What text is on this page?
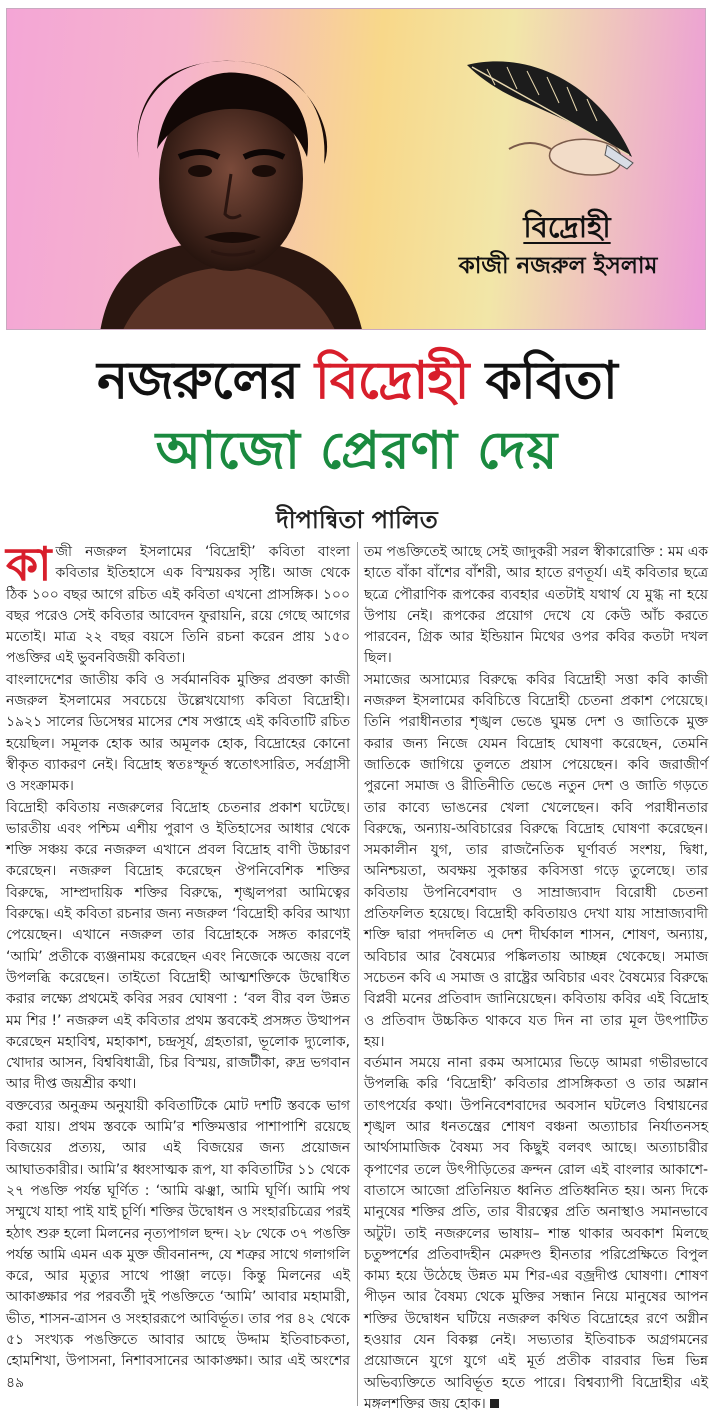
বিদ্রোহী
কাজী নজরুল ইসলাম
নজরুলের বিদ্রোহী কবিতা
আজো প্রেরণা দেয়
দীপান্বিতা পালিত

কাজী নজরুল ইসলামের ‘বিদ্রোহী’ কবিতা বাংলা কবিতার ইতিহাসে এক বিস্ময়কর সৃষ্টি। আজ থেকে ঠিক ১০০ বছর আগে রচিত এই কবিতা এখনো প্রাসঙ্গিক। ১০০ বছর পরেও সেই কবিতার আবেদন ফুরায়নি, রয়ে গেছে আগের মতোই। মাত্র ২২ বছর বয়সে তিনি রচনা করেন প্রায় ১৫০ পঙক্তির এই ভুবনবিজয়ী কবিতা।

বাংলাদেশের জাতীয় কবি ও সর্বমানবিক মুক্তির প্রবক্তা কাজী নজরুল ইসলামের সবচেয়ে উল্লেখযোগ্য কবিতা বিদ্রোহী। ১৯২১ সালের ডিসেম্বর মাসের শেষ সপ্তাহে এই কবিতাটি রচিত হয়েছিল। সমূলক হোক আর অমূলক হোক, বিদ্রোহের কোনো স্বীকৃত ব্যাকরণ নেই। বিদ্রোহ স্বতঃস্ফূর্ত স্বতোৎসারিত, সর্বগ্রাসী ও সংক্রামক।

বিদ্রোহী কবিতায় নজরুলের বিদ্রোহ চেতনার প্রকাশ ঘটেছে। ভারতীয় এবং পশ্চিম এশীয় পুরাণ ও ইতিহাসের আধার থেকে শক্তি সঞ্চয় করে নজরুল এখানে প্রবল বিদ্রোহ বাণী উচ্চারণ করেছেন। নজরুল বিদ্রোহ করেছেন ঔপনিবেশিক শক্তির বিরুদ্ধে, সাম্প্রদায়িক শক্তির বিরুদ্ধে, শৃঙ্খলপরা আমিত্বের বিরুদ্ধে। এই কবিতা রচনার জন্য নজরুল ‘বিদ্রোহী কবির আখ্যা পেয়েছেন। এখানে নজরুল তার বিদ্রোহকে সঙ্গত কারণেই ‘আমি’ প্রতীকে ব্যঞ্জনাময় করেছেন এবং নিজেকে অজেয় বলে উপলব্ধি করেছেন। তাইতো বিদ্রোহী আত্মশক্তিকে উদ্বোধিত করার লক্ষ্যে প্রথমেই কবির সরব ঘোষণা : ‘বল বীর বল উন্নত মম শির !’ নজরুল এই কবিতার প্রথম স্তবকেই প্রসঙ্গত উত্থাপন করেছেন মহাবিশ্ব, মহাকাশ, চন্দ্রসূর্য, গ্রহতারা, ভূলোক দ্যুলোক, খোদার আসন, বিশ্ববিধাত্রী, চির বিস্ময়, রাজটীকা, রুদ্র ভগবান আর দীপ্ত জয়শ্রীর কথা।

বক্তব্যের অনুক্রম অনুযায়ী কবিতাটিকে মোট দশটি স্তবকে ভাগ করা যায়। প্রথম স্তবকে আমি’র শক্তিমত্তার পাশাপাশি রয়েছে বিজয়ের প্রত্যয়, আর এই বিজয়ের জন্য প্রয়োজন আঘাতকারীর। আমি’র ধ্বংসাত্মক রূপ, যা কবিতাটির ১১ থেকে ২৭ পঙক্তি পর্যন্ত ঘূর্ণিত : ‘আমি ঝঞ্ঝা, আমি ঘূর্ণি। আমি পথ সম্মুখে যাহা পাই যাই চূর্ণি। শক্তির উদ্বোধন ও সংহারচিত্রের পরই হঠাৎ শুরু হলো মিলনের নৃত্যপাগল ছন্দ। ২৮ থেকে ৩৭ পঙক্তি পর্যন্ত আমি এমন এক মুক্ত জীবনানন্দ, যে শত্রুর সাথে গলাগলি করে, আর মৃত্যুর সাথে পাঞ্জা লড়ে। কিন্তু মিলনের এই আকাঙ্ক্ষার পর পরবর্তী দুই পঙক্তিতে ‘আমি’ আবার মহামারী, ভীত, শাসন-ত্রাসন ও সংহাররূপে আবির্ভূত। তার পর ৪২ থেকে ৫১ সংখ্যক পঙক্তিতে আবার আছে উদ্দাম ইতিবাচকতা, হোমশিখা, উপাসনা, নিশাবসানের আকাঙ্ক্ষা। আর এই অংশের ৪৯

তম পঙক্তিতেই আছে সেই জাদুকরী সরল স্বীকারোক্তি : মম এক হাতে বাঁকা বাঁশের বাঁশরী, আর হাতে রণতূর্য। এই কবিতার ছত্রে ছত্রে পৌরাণিক রূপকের ব্যবহার এতটাই যথার্থ যে মুগ্ধ না হয়ে উপায় নেই। রূপকের প্রয়োগ দেখে যে কেউ আঁচ করতে পারবেন, গ্রিক আর ইন্ডিয়ান মিথের ওপর কবির কতটা দখল ছিল।

সমাজের অসাম্যের বিরুদ্ধে কবির বিদ্রোহী সত্তা কবি কাজী নজরুল ইসলামের কবিচিত্তে বিদ্রোহী চেতনা প্রকাশ পেয়েছে। তিনি পরাধীনতার শৃঙ্খল ভেঙে ঘুমন্ত দেশ ও জাতিকে মুক্ত করার জন্য নিজে যেমন বিদ্রোহ ঘোষণা করেছেন, তেমনি জাতিকে জাগিয়ে তুলতে প্রয়াস পেয়েছেন। কবি জরাজীর্ণ পুরনো সমাজ ও রীতিনীতি ভেঙে নতুন দেশ ও জাতি গড়তে তার কাব্যে ভাঙনের খেলা খেলেছেন। কবি পরাধীনতার বিরুদ্ধে, অন্যায়-অবিচারের বিরুদ্ধে বিদ্রোহ ঘোষণা করেছেন। সমকালীন যুগ, তার রাজনৈতিক ঘূর্ণাবর্ত সংশয়, দ্বিধা, অনিশ্চয়তা, অবক্ষয় সুকান্তর কবিসত্তা গড়ে তুলেছে। তার কবিতায় উপনিবেশবাদ ও সাম্রাজ্যবাদ বিরোধী চেতনা প্রতিফলিত হয়েছে। বিদ্রোহী কবিতায়ও দেখা যায় সাম্রাজ্যবাদী শক্তি দ্বারা পদদলিত এ দেশ দীর্ঘকাল শাসন, শোষণ, অন্যায়, অবিচার আর বৈষম্যের পঙ্কিলতায় আচ্ছন্ন থেকেছে। সমাজ সচেতন কবি এ সমাজ ও রাষ্ট্রের অবিচার এবং বৈষম্যের বিরুদ্ধে বিপ্লবী মনের প্রতিবাদ জানিয়েছেন। কবিতায় কবির এই বিদ্রোহ ও প্রতিবাদ উচ্চকিত থাকবে যত দিন না তার মূল উৎপাটিত হয়।

বর্তমান সময়ে নানা রকম অসাম্যের ভিড়ে আমরা গভীরভাবে উপলব্ধি করি ‘বিদ্রোহী’ কবিতার প্রাসঙ্গিকতা ও তার অম্লান তাৎপর্যের কথা। উপনিবেশবাদের অবসান ঘটলেও বিশ্বায়নের শৃঙ্খল আর ধনতন্ত্রের শোষণ বঞ্চনা অত্যাচার নির্যাতনসহ আর্থসামাজিক বৈষম্য সব কিছুই বলবৎ আছে। অত্যাচারীর কৃপাণের তলে উৎপীড়িতের ক্রন্দন রোল এই বাংলার আকাশে-বাতাসে আজো প্রতিনিয়ত ধ্বনিত প্রতিধ্বনিত হয়। অন্য দিকে মানুষের শক্তির প্রতি, তার বীরত্বের প্রতি অনাস্থাও সমানভাবে অটুট। তাই নজরুলের ভাষায়– শান্ত থাকার অবকাশ মিলছে চতুষ্পর্শের প্রতিবাদহীন মেরুদণ্ড হীনতার পরিপ্রেক্ষিতে বিপুল কাম্য হয়ে উঠেছে উন্নত মম শির-এর বজ্রদীপ্ত ঘোষণা। শোষণ পীড়ন আর বৈষম্য থেকে মুক্তির সন্ধান নিয়ে মানুষের আপন শক্তির উদ্বোধন ঘটিয়ে নজরুল কথিত বিদ্রোহের রণে অগ্নীন হওয়ার যেন বিকল্প নেই। সভ্যতার ইতিবাচক অগ্রগমনের প্রয়োজনে যুগে যুগে এই মূর্ত প্রতীক বারবার ভিন্ন ভিন্ন অভিব্যক্তিতে আবির্ভূত হতে পারে। বিশ্বব্যাপী বিদ্রোহীর এই মঙ্গলশক্তির জয় হোক।
